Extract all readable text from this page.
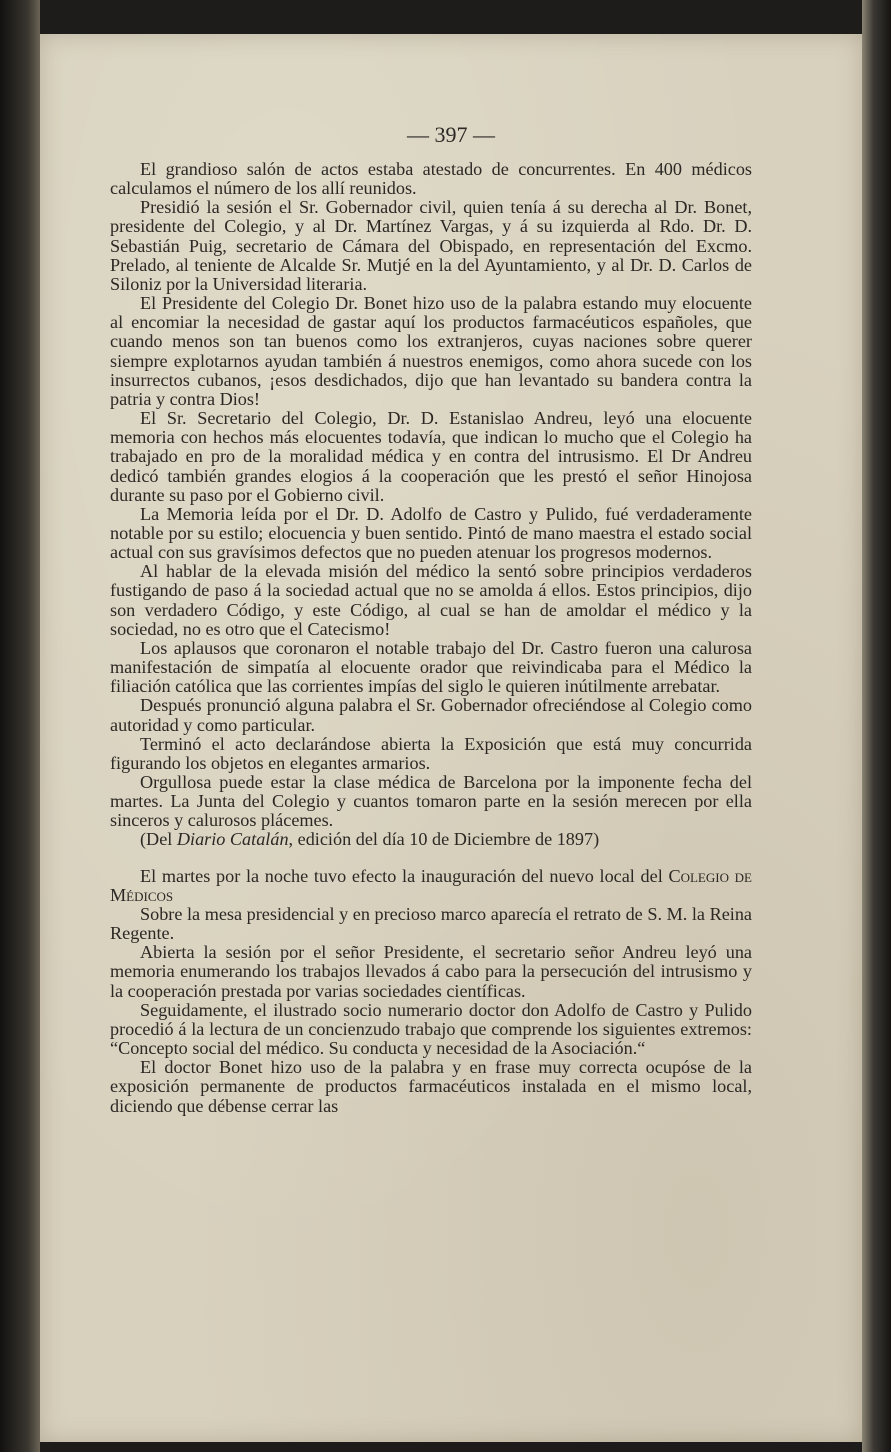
— 397 —

El grandioso salón de actos estaba atestado de concurrentes. En 400 médicos calculamos el número de los allí reunidos.

Presidió la sesión el Sr. Gobernador civil, quien tenía á su derecha al Dr. Bonet, presidente del Colegio, y al Dr. Martínez Vargas, y á su izquierda al Rdo. Dr. D. Sebastián Puig, secretario de Cámara del Obispado, en representación del Excmo. Prelado, al teniente de Alcalde Sr. Mutjé en la del Ayuntamiento, y al Dr. D. Carlos de Siloniz por la Universidad literaria.

El Presidente del Colegio Dr. Bonet hizo uso de la palabra estando muy elocuente al encomiar la necesidad de gastar aquí los productos farmacéuticos españoles, que cuando menos son tan buenos como los extranjeros, cuyas naciones sobre querer siempre explotarnos ayudan también á nuestros enemigos, como ahora sucede con los insurrectos cubanos, ¡esos desdichados, dijo que han levantado su bandera contra la patria y contra Dios!

El Sr. Secretario del Colegio, Dr. D. Estanislao Andreu, leyó una elocuente memoria con hechos más elocuentes todavía, que indican lo mucho que el Colegio ha trabajado en pro de la moralidad médica y en contra del intrusismo. El Dr Andreu dedicó también grandes elogios á la cooperación que les prestó el señor Hinojosa durante su paso por el Gobierno civil.

La Memoria leída por el Dr. D. Adolfo de Castro y Pulido, fué verdaderamente notable por su estilo; elocuencia y buen sentido. Pintó de mano maestra el estado social actual con sus gravísimos defectos que no pueden atenuar los progresos modernos.

Al hablar de la elevada misión del médico la sentó sobre principios verdaderos fustigando de paso á la sociedad actual que no se amolda á ellos. Estos principios, dijo son verdadero Código, y este Código, al cual se han de amoldar el médico y la sociedad, no es otro que el Catecismo!

Los aplausos que coronaron el notable trabajo del Dr. Castro fueron una calurosa manifestación de simpatía al elocuente orador que reivindicaba para el Médico la filiación católica que las corrientes impías del siglo le quieren inútilmente arrebatar.

Después pronunció alguna palabra el Sr. Gobernador ofreciéndose al Colegio como autoridad y como particular.

Terminó el acto declarándose abierta la Exposición que está muy concurrida figurando los objetos en elegantes armarios.

Orgullosa puede estar la clase médica de Barcelona por la imponente fecha del martes. La Junta del Colegio y cuantos tomaron parte en la sesión merecen por ella sinceros y calurosos plácemes.

(Del Diario Catalán, edición del día 10 de Diciembre de 1897)

El martes por la noche tuvo efecto la inauguración del nuevo local del Colegio de Médicos

Sobre la mesa presidencial y en precioso marco aparecía el retrato de S. M. la Reina Regente.

Abierta la sesión por el señor Presidente, el secretario señor Andreu leyó una memoria enumerando los trabajos llevados á cabo para la persecución del intrusismo y la cooperación prestada por varias sociedades científicas.

Seguidamente, el ilustrado socio numerario doctor don Adolfo de Castro y Pulido procedió á la lectura de un concienzudo trabajo que comprende los siguientes extremos: “Concepto social del médico. Su conducta y necesidad de la Asociación.“

El doctor Bonet hizo uso de la palabra y en frase muy correcta ocupóse de la exposición permanente de productos farmacéuticos instalada en el mismo local, diciendo que débense cerrar las
